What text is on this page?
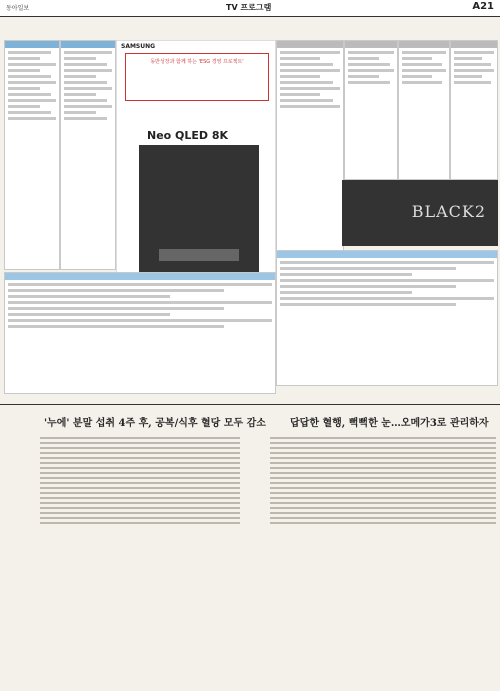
동아일보	TV 프로그램	A21
SAMSUNG
동반성장과 함께 하는 'ESG 경영 프로젝트'
Neo QLED 8K
BLACK2
'누에' 분말 섭취 4주 후, 공복/식후 혈당 모두 감소 답답한 혈행, 뻑뻑한 눈…오메가3로 관리하자
